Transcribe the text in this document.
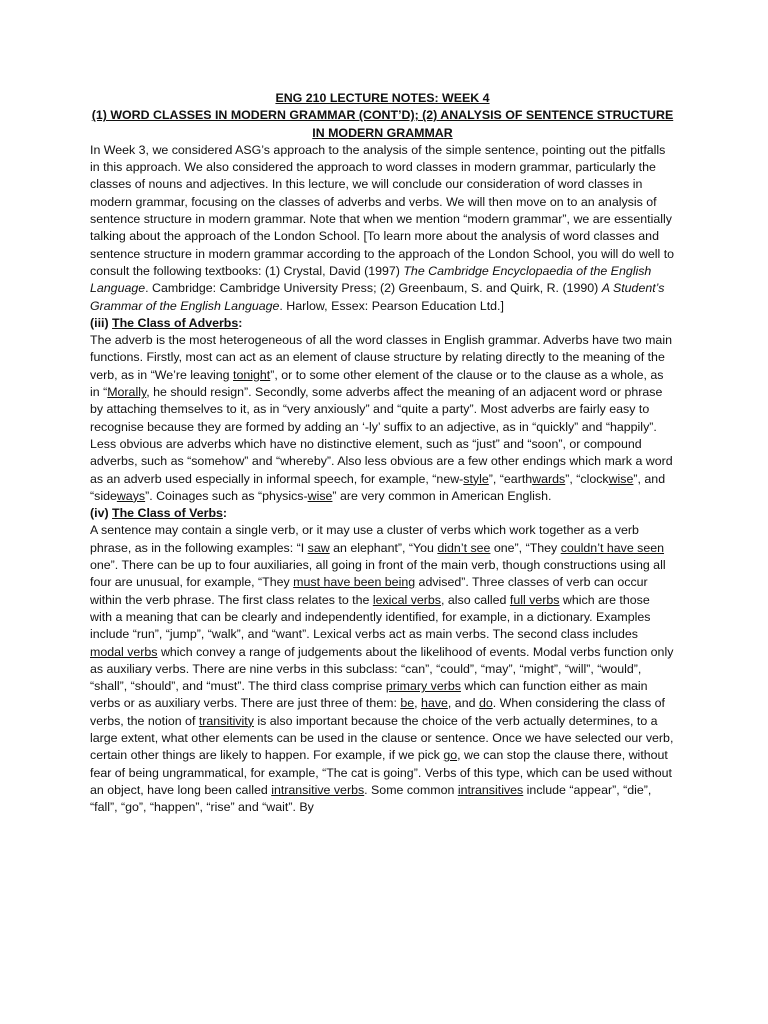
ENG 210 LECTURE NOTES: WEEK 4

(1) WORD CLASSES IN MODERN GRAMMAR (CONT’D); (2) ANALYSIS OF SENTENCE STRUCTURE IN MODERN GRAMMAR

In Week 3, we considered ASG’s approach to the analysis of the simple sentence, pointing out the pitfalls in this approach. We also considered the approach to word classes in modern grammar, particularly the classes of nouns and adjectives. In this lecture, we will conclude our consideration of word classes in modern grammar, focusing on the classes of adverbs and verbs. We will then move on to an analysis of sentence structure in modern grammar. Note that when we mention “modern grammar”, we are essentially talking about the approach of the London School. [To learn more about the analysis of word classes and sentence structure in modern grammar according to the approach of the London School, you will do well to consult the following textbooks: (1) Crystal, David (1997) The Cambridge Encyclopaedia of the English Language. Cambridge: Cambridge University Press; (2) Greenbaum, S. and Quirk, R. (1990) A Student’s Grammar of the English Language. Harlow, Essex: Pearson Education Ltd.]

(iii) The Class of Adverbs:

The adverb is the most heterogeneous of all the word classes in English grammar. Adverbs have two main functions. Firstly, most can act as an element of clause structure by relating directly to the meaning of the verb, as in “We’re leaving tonight”, or to some other element of the clause or to the clause as a whole, as in “Morally, he should resign”. Secondly, some adverbs affect the meaning of an adjacent word or phrase by attaching themselves to it, as in “very anxiously” and “quite a party”. Most adverbs are fairly easy to recognise because they are formed by adding an ‘-ly’ suffix to an adjective, as in “quickly” and “happily”. Less obvious are adverbs which have no distinctive element, such as “just” and “soon”, or compound adverbs, such as “somehow” and “whereby”. Also less obvious are a few other endings which mark a word as an adverb used especially in informal speech, for example, “new-style”, “earthwards”, “clockwise”, and “sideways”. Coinages such as “physics-wise” are very common in American English.

(iv) The Class of Verbs:

A sentence may contain a single verb, or it may use a cluster of verbs which work together as a verb phrase, as in the following examples: “I saw an elephant”, “You didn’t see one”, “They couldn’t have seen one”. There can be up to four auxiliaries, all going in front of the main verb, though constructions using all four are unusual, for example, “They must have been being advised”. Three classes of verb can occur within the verb phrase. The first class relates to the lexical verbs, also called full verbs which are those with a meaning that can be clearly and independently identified, for example, in a dictionary. Examples include “run”, “jump”, “walk”, and “want”. Lexical verbs act as main verbs. The second class includes modal verbs which convey a range of judgements about the likelihood of events. Modal verbs function only as auxiliary verbs. There are nine verbs in this subclass: “can”, “could”, “may”, “might”, “will”, “would”, “shall”, “should”, and “must”. The third class comprise primary verbs which can function either as main verbs or as auxiliary verbs. There are just three of them: be, have, and do. When considering the class of verbs, the notion of transitivity is also important because the choice of the verb actually determines, to a large extent, what other elements can be used in the clause or sentence. Once we have selected our verb, certain other things are likely to happen. For example, if we pick go, we can stop the clause there, without fear of being ungrammatical, for example, “The cat is going”. Verbs of this type, which can be used without an object, have long been called intransitive verbs. Some common intransitives include “appear”, “die”, “fall”, “go”, “happen”, “rise” and “wait”. By
